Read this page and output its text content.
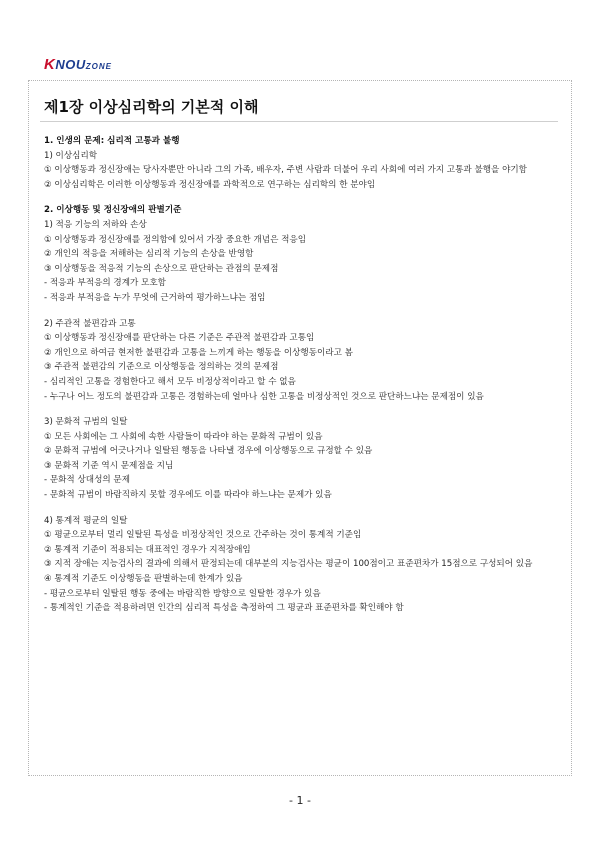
KNOUZONE
제1장 이상심리학의 기본적 이해
1. 인생의 문제: 심리적 고통과 불행
1) 이상심리학
① 이상행동과 정신장애는 당사자뿐만 아니라 그의 가족, 배우자, 주변 사람과 더불어 우리 사회에 여러 가지 고통과 불행을 야기함
② 이상심리학은 이러한 이상행동과 정신장애를 과학적으로 연구하는 심리학의 한 분야임
2. 이상행동 및 정신장애의 판별기준
1) 적응 기능의 저하와 손상
① 이상행동과 정신장애를 정의함에 있어서 가장 중요한 개념은 적응임
② 개인의 적응을 저해하는 심리적 기능의 손상을 반영함
③ 이상행동을 적응적 기능의 손상으로 판단하는 관점의 문제점
- 적응과 부적응의 경계가 모호함
- 적응과 부적응을 누가 무엇에 근거하여 평가하느냐는 점임
2) 주관적 불편감과 고통
① 이상행동과 정신장애를 판단하는 다른 기준은 주관적 불편감과 고통임
② 개인으로 하여금 현저한 불편감과 고통을 느끼게 하는 행동을 이상행동이라고 봄
③ 주관적 불편감의 기준으로 이상행동을 정의하는 것의 문제점
- 심리적인 고통을 경험한다고 해서 모두 비정상적이라고 할 수 없음
- 누구나 어느 정도의 불편감과 고통은 경험하는데 얼마나 심한 고통을 비정상적인 것으로 판단하느냐는 문제점이 있음
3) 문화적 규범의 일탈
① 모든 사회에는 그 사회에 속한 사람들이 따라야 하는 문화적 규범이 있음
② 문화적 규범에 어긋나거나 일탈된 행동을 나타낼 경우에 이상행동으로 규정할 수 있음
③ 문화적 기준 역시 문제점을 지님
- 문화적 상대성의 문제
- 문화적 규범이 바람직하지 못할 경우에도 이를 따라야 하느냐는 문제가 있음
4) 통계적 평균의 일탈
① 평균으로부터 멀리 일탈된 특성을 비정상적인 것으로 간주하는 것이 통계적 기준임
② 통계적 기준이 적용되는 대표적인 경우가 지적장애임
③ 지적 장애는 지능검사의 결과에 의해서 판정되는데 대부분의 지능검사는 평균이 100점이고 표준편차가 15점으로 구성되어 있음
④ 통계적 기준도 이상행동을 판별하는데 한계가 있음
- 평균으로부터 일탈된 행동 중에는 바람직한 방향으로 일탈한 경우가 있음
- 통계적인 기준을 적용하려면 인간의 심리적 특성을 측정하여 그 평균과 표준편차를 확인해야 함
- 1 -
